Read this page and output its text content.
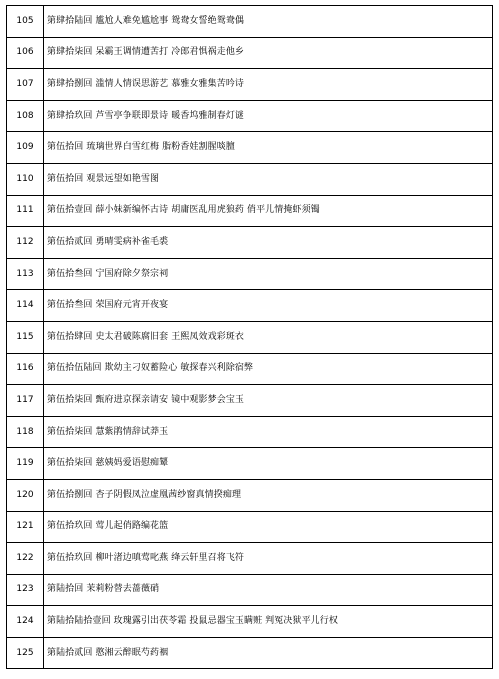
105	第肆拾陆回 尴尬人难免尴尬事 鸳鸯女誓绝鸳鸯偶
106	第肆拾柒回 呆霸王调情遭苦打 冷郎君惧祸走他乡
107	第肆拾捌回 滥情人情误思游艺 慕雅女雅集苦吟诗
108	第肆拾玖回 芦雪亭争联即景诗 暖香坞雅制春灯谜
109	第伍拾回 琉璃世界白雪红梅 脂粉香娃割腥啖膻
110	第伍拾回 观景远望如艳雪图
111	第伍拾壹回 薛小妹新编怀古诗 胡庸医乱用虎狼药 俏平儿情掩虾须镯
112	第伍拾贰回 勇晴雯病补雀毛裘
113	第伍拾叁回 宁国府除夕祭宗祠
114	第伍拾叁回 荣国府元宵开夜宴
115	第伍拾肆回 史太君破陈腐旧套 王熙凤效戏彩斑衣
116	第伍拾伍陆回 欺幼主刁奴蓄险心 敏探春兴利除宿弊
117	第伍拾柒回 甄府进京探亲请安 镜中观影梦会宝玉
118	第伍拾柒回 慧紫鹃情辞试莽玉
119	第伍拾柒回 慈姨妈爱语慰痴颦
120	第伍拾捌回 杏子阴假凤泣虚凰茜纱窗真情揆痴理
121	第伍拾玖回 莺儿起俏路编花篮
122	第伍拾玖回 柳叶渚边嗔莺叱燕 绛云轩里召将飞符
123	第陆拾回 茉莉粉替去蔷薇硝
124	第陆拾陆拾壹回 玫瑰露引出茯苓霜 投鼠忌器宝玉瞒赃 判冤决狱平儿行权
125	第陆拾贰回 憨湘云醉眠芍药裀
